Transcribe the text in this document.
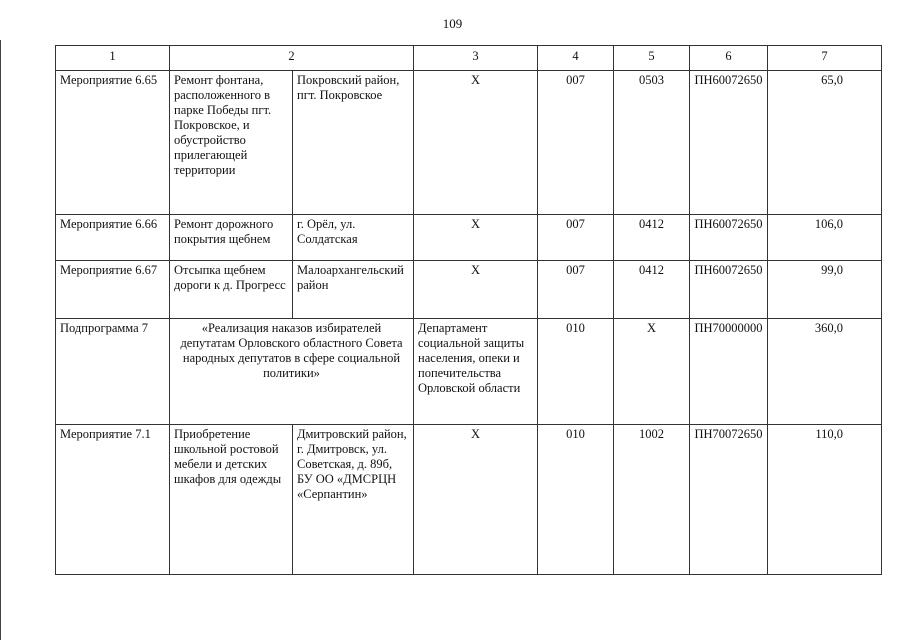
109
1	2		3	4	5	6	7
Мероприятие 6.65	Ремонт фонтана, расположенного в парке Победы пгт. Покровское, и обустройство прилегающей территории	Покровский район, пгт. Покровское	Х	007	0503	ПН60072650	65,0
Мероприятие 6.66	Ремонт дорожного покрытия щебнем	г. Орёл, ул. Солдатская	Х	007	0412	ПН60072650	106,0
Мероприятие 6.67	Отсыпка щебнем дороги к д. Прогресс	Малоархангельский район	Х	007	0412	ПН60072650	99,0
Подпрограмма 7	«Реализация наказов избирателей депутатам Орловского областного Совета народных депутатов в сфере социальной политики»		Департамент социальной защиты населения, опеки и попечительства Орловской области	010	Х	ПН70000000	360,0
Мероприятие 7.1	Приобретение школьной ростовой мебели и детских шкафов для одежды	Дмитровский район, г. Дмитровск, ул. Советская, д. 89б, БУ ОО «ДМСРЦН «Серпантин»	Х	010	1002	ПН70072650	110,0
